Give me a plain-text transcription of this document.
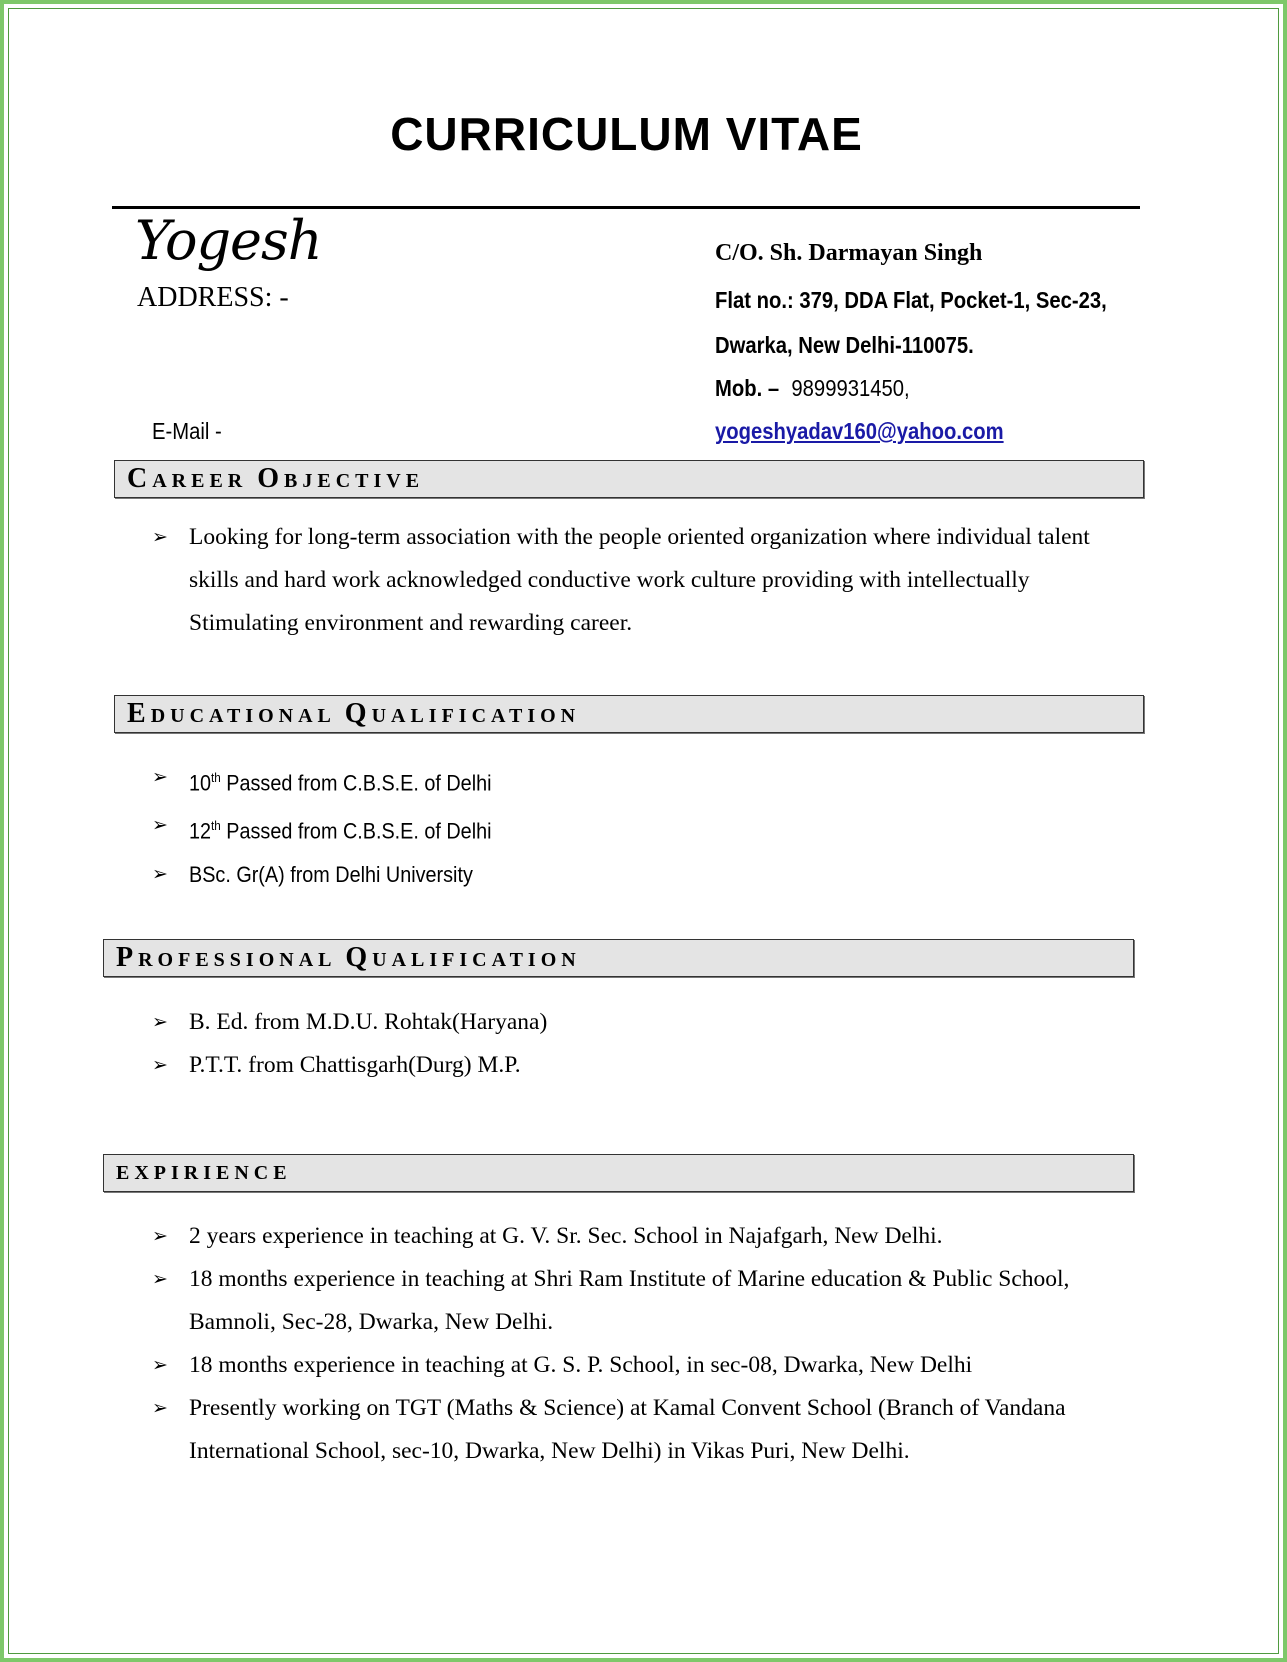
CURRICULUM VITAE
Yogesh
ADDRESS: -
E-Mail -
C/O. Sh. Darmayan Singh
Flat no.: 379, DDA Flat, Pocket-1, Sec-23,
Dwarka, New Delhi-110075.
Mob. – 9899931450,
yogeshyadav160@yahoo.com
CAREER OBJECTIVE
➢ Looking for long-term association with the people oriented organization where individual talent
skills and hard work acknowledged conductive work culture providing with intellectually
Stimulating environment and rewarding career.
EDUCATIONAL QUALIFICATION
➢ 10th Passed from C.B.S.E. of Delhi
➢ 12th Passed from C.B.S.E. of Delhi
➢ BSc. Gr(A) from Delhi University
PROFESSIONAL QUALIFICATION
➢ B. Ed. from M.D.U. Rohtak(Haryana)
➢ P.T.T. from Chattisgarh(Durg) M.P.
EXPIRIENCE
➢ 2 years experience in teaching at G. V. Sr. Sec. School in Najafgarh, New Delhi.
➢ 18 months experience in teaching at Shri Ram Institute of Marine education & Public School,
Bamnoli, Sec-28, Dwarka, New Delhi.
➢ 18 months experience in teaching at G. S. P. School, in sec-08, Dwarka, New Delhi
➢ Presently working on TGT (Maths & Science) at Kamal Convent School (Branch of Vandana
International School, sec-10, Dwarka, New Delhi) in Vikas Puri, New Delhi.
